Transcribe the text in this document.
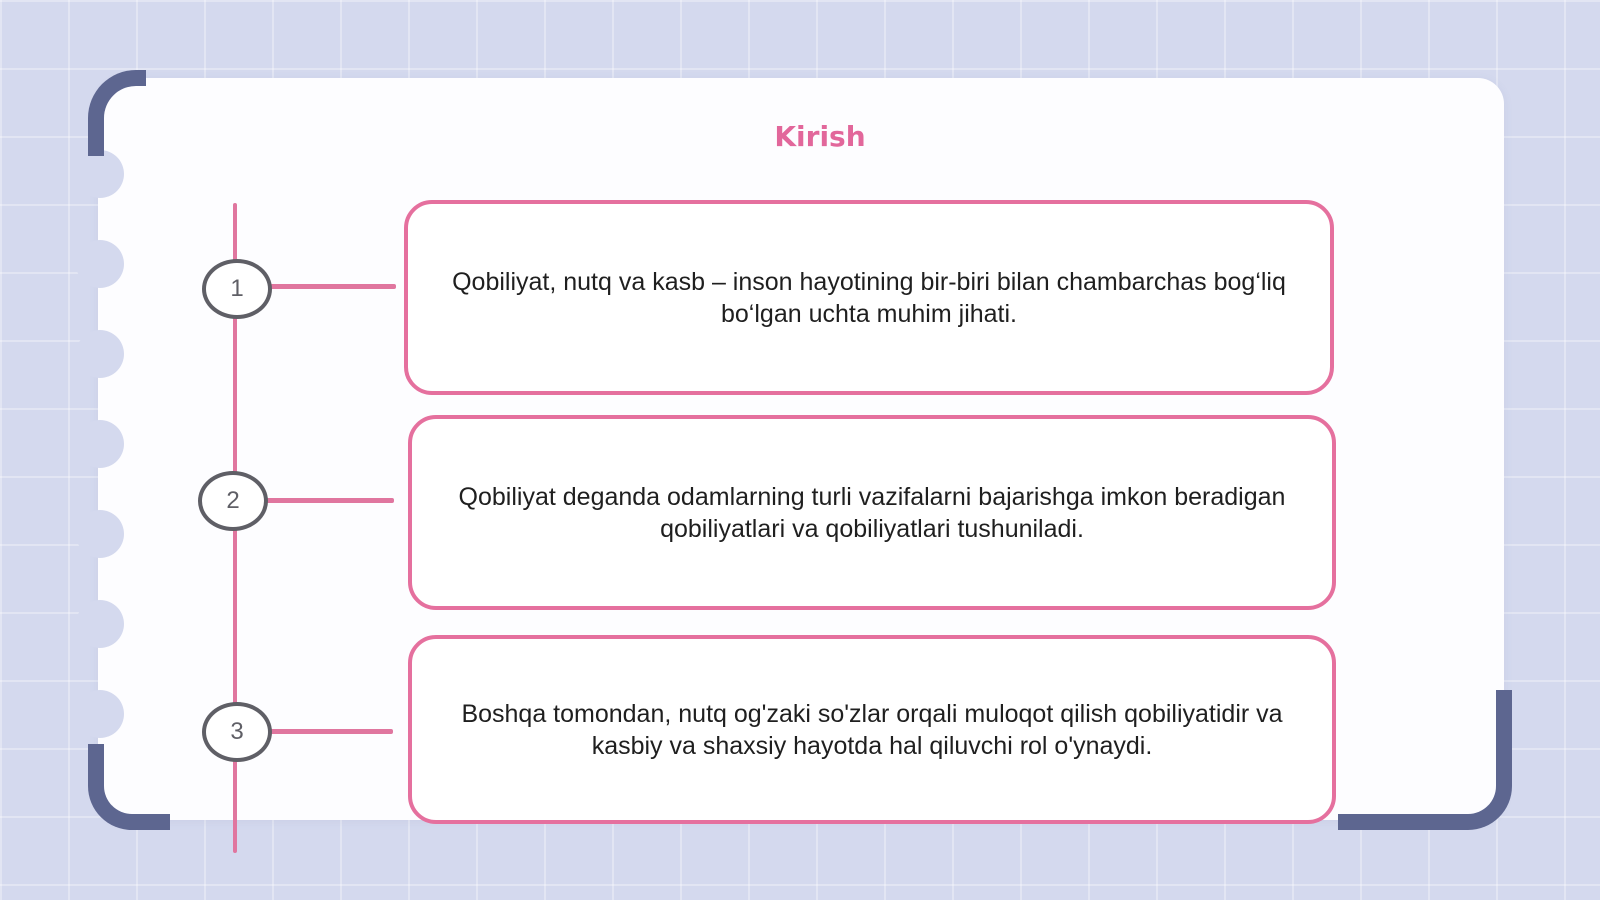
Kirish
1
2
3
Qobiliyat, nutq va kasb – inson hayotining bir-biri bilan chambarchas bog‘liq bo‘lgan uchta muhim jihati.
Qobiliyat deganda odamlarning turli vazifalarni bajarishga imkon beradigan qobiliyatlari va qobiliyatlari tushuniladi.
Boshqa tomondan, nutq og'zaki so'zlar orqali muloqot qilish qobiliyatidir va kasbiy va shaxsiy hayotda hal qiluvchi rol o'ynaydi.
